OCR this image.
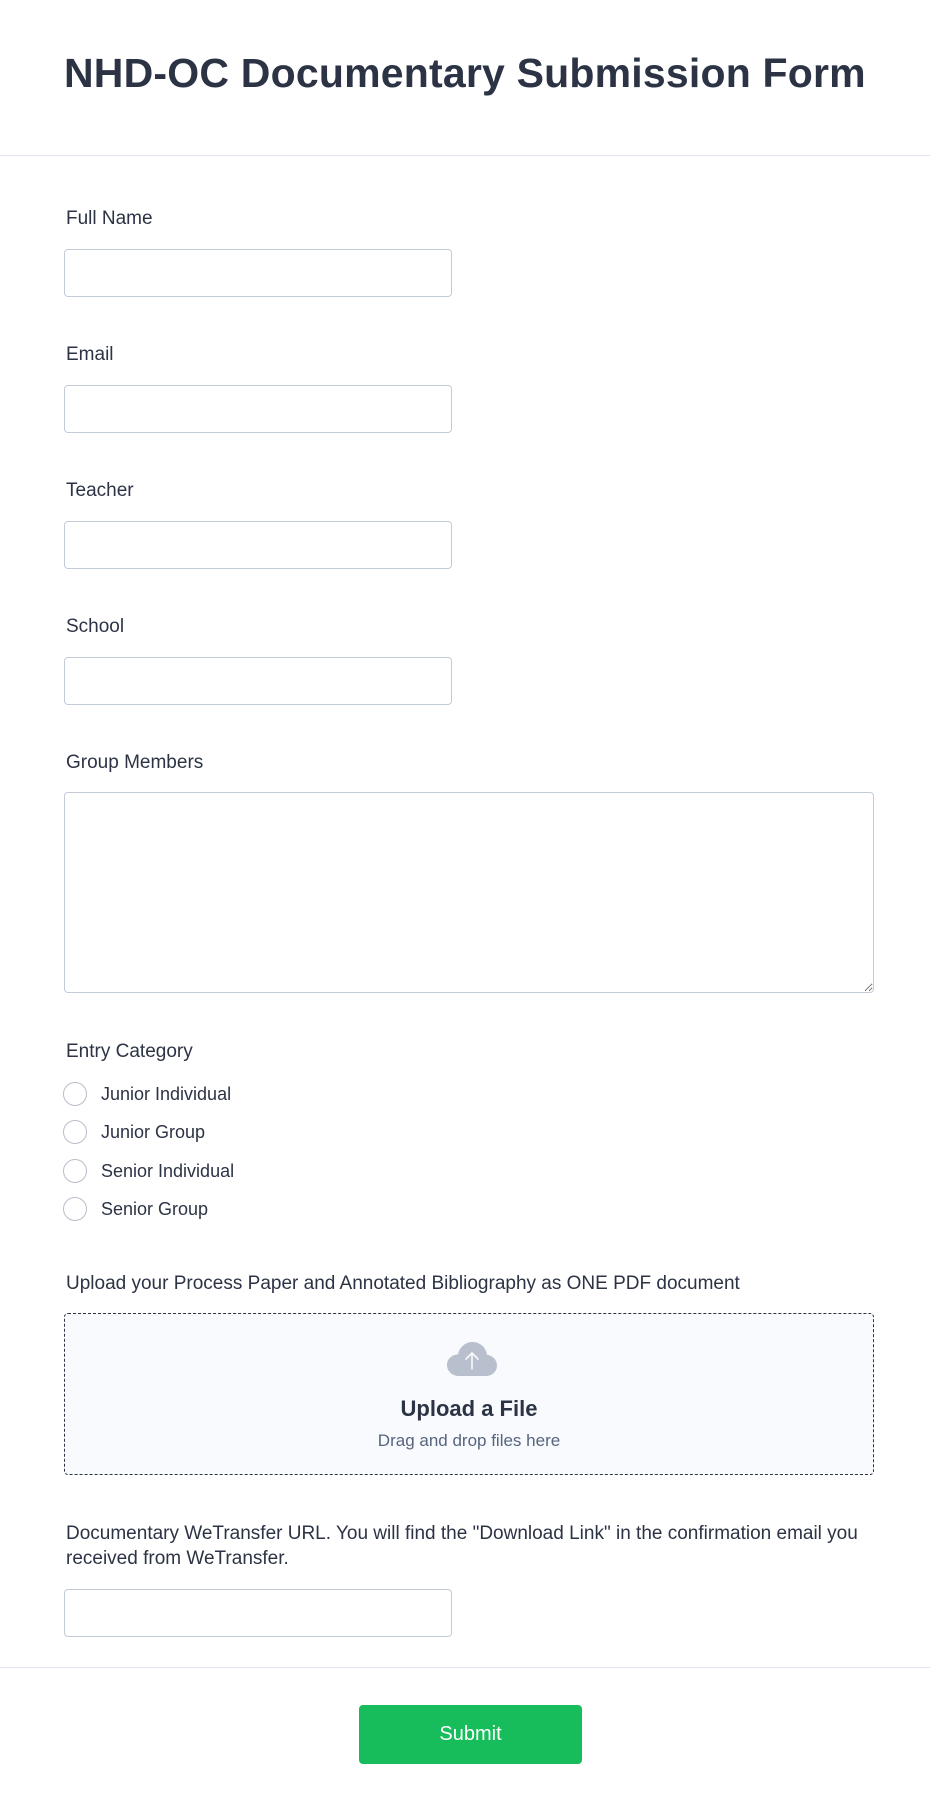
NHD-OC Documentary Submission Form
Full Name
Email
Teacher
School
Group Members
Entry Category
Junior Individual
Junior Group
Senior Individual
Senior Group
Upload your Process Paper and Annotated Bibliography as ONE PDF document
Upload a File
Drag and drop files here
Documentary WeTransfer URL. You will find the "Download Link" in the confirmation email you received from WeTransfer.
Submit
